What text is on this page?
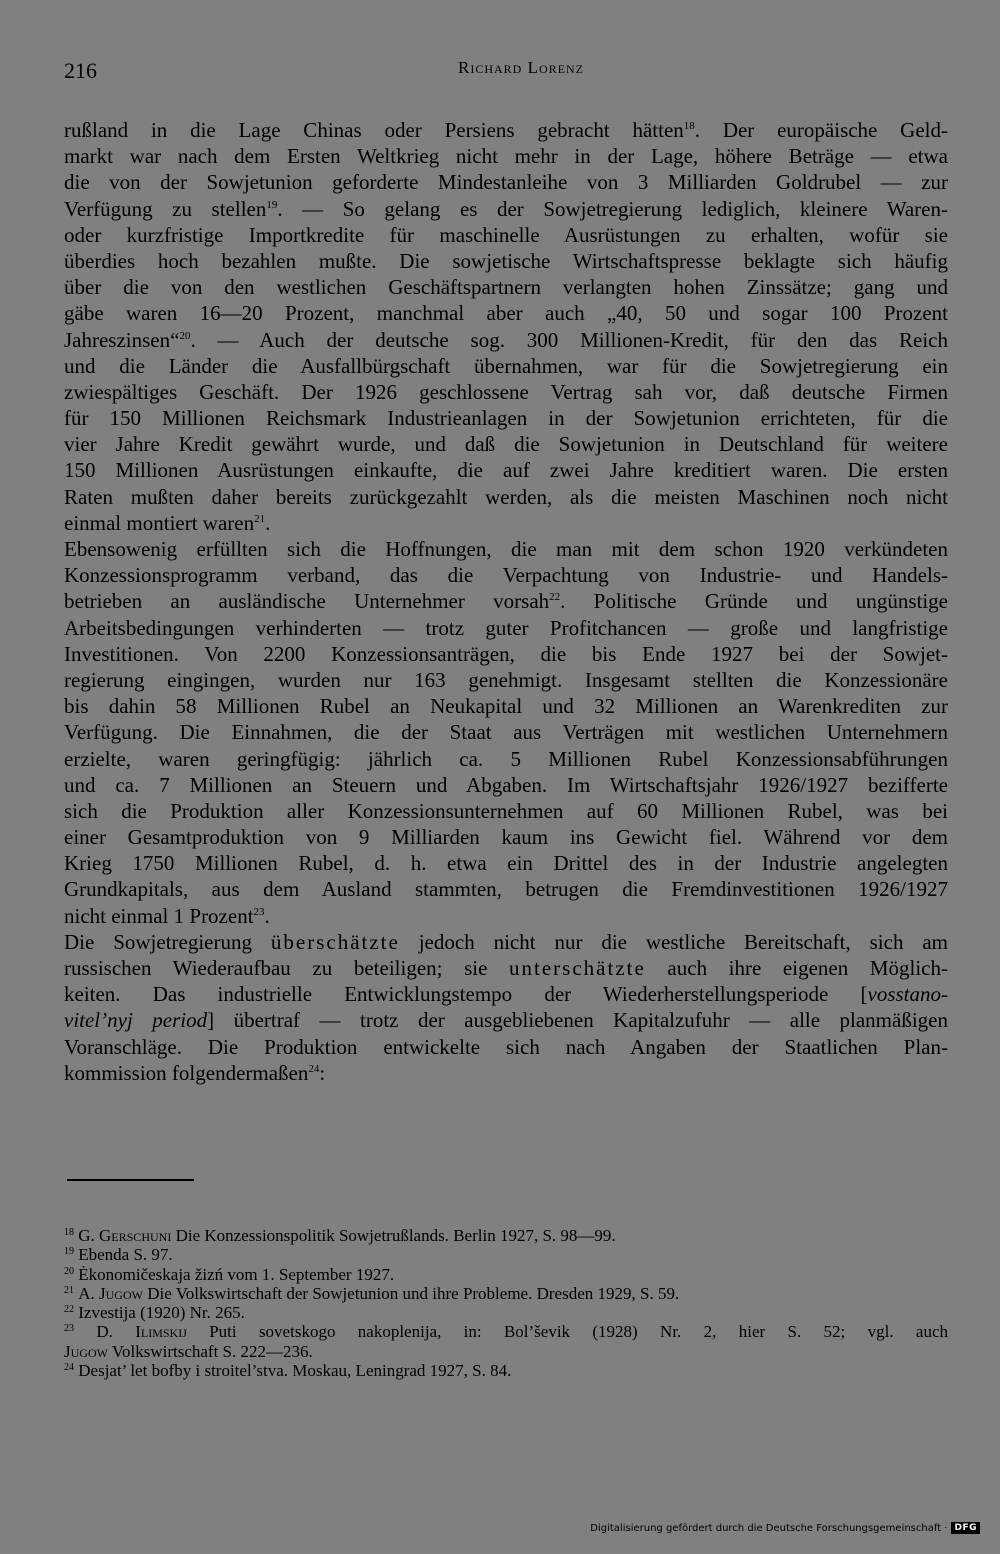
216	Richard Lorenz
rußland in die Lage Chinas oder Persiens gebracht hätten$^{18}$. Der europäische Geld-
markt war nach dem Ersten Weltkrieg nicht mehr in der Lage, höhere Beträge — etwa
die von der Sowjetunion geforderte Mindestanleihe von 3 Milliarden Goldrubel — zur
Verfügung zu stellen$^{19}$. — So gelang es der Sowjetregierung lediglich, kleinere Waren-
oder kurzfristige Importkredite für maschinelle Ausrüstungen zu erhalten, wofür sie
überdies hoch bezahlen mußte. Die sowjetische Wirtschaftspresse beklagte sich häufig
über die von den westlichen Geschäftspartnern verlangten hohen Zinssätze; gang und
gäbe waren 16—20 Prozent, manchmal aber auch „40, 50 und sogar 100 Prozent
Jahreszinsen“$^{20}$. — Auch der deutsche sog. 300 Millionen-Kredit, für den das Reich
und die Länder die Ausfallbürgschaft übernahmen, war für die Sowjetregierung ein
zwiespältiges Geschäft. Der 1926 geschlossene Vertrag sah vor, daß deutsche Firmen
für 150 Millionen Reichsmark Industrieanlagen in der Sowjetunion errichteten, für die
vier Jahre Kredit gewährt wurde, und daß die Sowjetunion in Deutschland für weitere
150 Millionen Ausrüstungen einkaufte, die auf zwei Jahre kreditiert waren. Die ersten
Raten mußten daher bereits zurückgezahlt werden, als die meisten Maschinen noch nicht
einmal montiert waren$^{21}$.
Ebensowenig erfüllten sich die Hoffnungen, die man mit dem schon 1920 verkündeten
Konzessionsprogramm verband, das die Verpachtung von Industrie- und Handels-
betrieben an ausländische Unternehmer vorsah$^{22}$. Politische Gründe und ungünstige
Arbeitsbedingungen verhinderten — trotz guter Profitchancen — große und langfristige
Investitionen. Von 2200 Konzessionsanträgen, die bis Ende 1927 bei der Sowjet-
regierung eingingen, wurden nur 163 genehmigt. Insgesamt stellten die Konzessionäre
bis dahin 58 Millionen Rubel an Neukapital und 32 Millionen an Warenkrediten zur
Verfügung. Die Einnahmen, die der Staat aus Verträgen mit westlichen Unternehmern
erzielte, waren geringfügig: jährlich ca. 5 Millionen Rubel Konzessionsabführungen
und ca. 7 Millionen an Steuern und Abgaben. Im Wirtschaftsjahr 1926/1927 bezifferte
sich die Produktion aller Konzessionsunternehmen auf 60 Millionen Rubel, was bei
einer Gesamtproduktion von 9 Milliarden kaum ins Gewicht fiel. Während vor dem
Krieg 1750 Millionen Rubel, d. h. etwa ein Drittel des in der Industrie angelegten
Grundkapitals, aus dem Ausland stammten, betrugen die Fremdinvestitionen 1926/1927
nicht einmal 1 Prozent$^{23}$.
Die Sowjetregierung überschätzte jedoch nicht nur die westliche Bereitschaft, sich am
russischen Wiederaufbau zu beteiligen; sie unterschätzte auch ihre eigenen Möglich-
keiten. Das industrielle Entwicklungstempo der Wiederherstellungsperiode [vosstano-
vitel’nyj period] übertraf — trotz der ausgebliebenen Kapitalzufuhr — alle planmäßigen
Voranschläge. Die Produktion entwickelte sich nach Angaben der Staatlichen Plan-
kommission folgendermaßen$^{24}$:
$^{18}$ G. Gerschuni Die Konzessionspolitik Sowjetrußlands. Berlin 1927, S. 98—99.
$^{19}$ Ebenda S. 97.
$^{20}$ Ėkonomičeskaja žizń vom 1. September 1927.
$^{21}$ A. Jugow Die Volkswirtschaft der Sowjetunion und ihre Probleme. Dresden 1929, S. 59.
$^{22}$ Izvestija (1920) Nr. 265.
$^{23}$ D. Ilimskij Puti sovetskogo nakoplenija, in: Bol’ševik (1928) Nr. 2, hier S. 52; vgl. auch
Jugow Volkswirtschaft S. 222—236.
$^{24}$ Desjat’ let bofby i stroitel’stva. Moskau, Leningrad 1927, S. 84.
Digitalisierung gefördert durch die Deutsche Forschungsgemeinschaft · DFG
